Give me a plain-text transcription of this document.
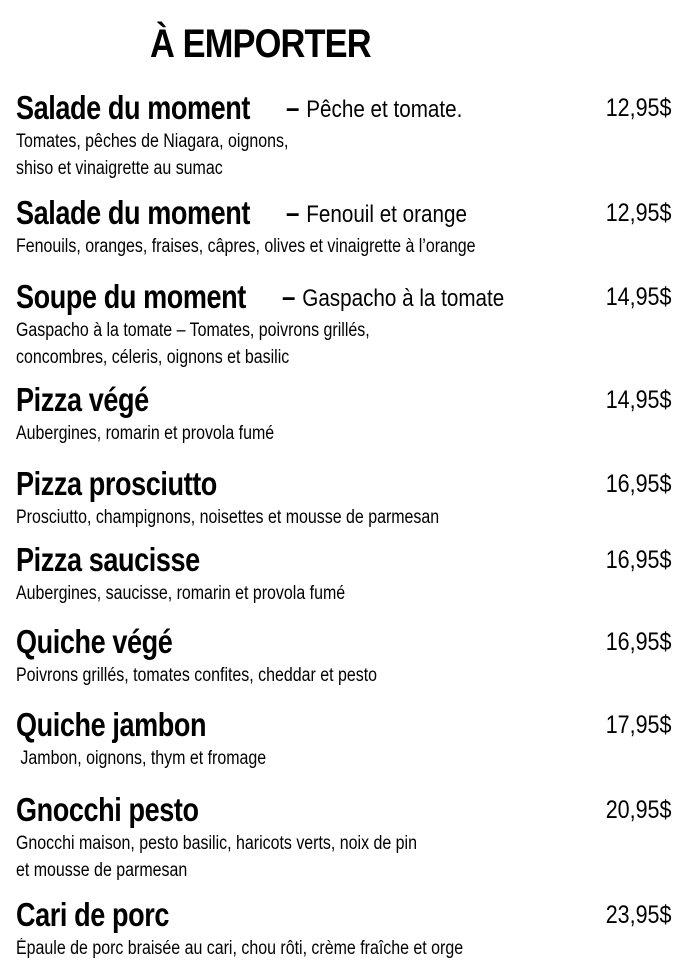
À EMPORTER
Salade du moment – Pêche et tomate.	12,95$
Tomates, pêches de Niagara, oignons,
shiso et vinaigrette au sumac
Salade du moment – Fenouil et orange	12,95$
Fenouils, oranges, fraises, câpres, olives et vinaigrette à l’orange
Soupe du moment – Gaspacho à la tomate	14,95$
Gaspacho à la tomate – Tomates, poivrons grillés,
concombres, céleris, oignons et basilic
Pizza végé	14,95$
Aubergines, romarin et provola fumé
Pizza prosciutto	16,95$
Prosciutto, champignons, noisettes et mousse de parmesan
Pizza saucisse	16,95$
Aubergines, saucisse, romarin et provola fumé
Quiche végé	16,95$
Poivrons grillés, tomates confites, cheddar et pesto
Quiche jambon	17,95$
Jambon, oignons, thym et fromage
Gnocchi pesto	20,95$
Gnocchi maison, pesto basilic, haricots verts, noix de pin
et mousse de parmesan
Cari de porc	23,95$
Épaule de porc braisée au cari, chou rôti, crème fraîche et orge
